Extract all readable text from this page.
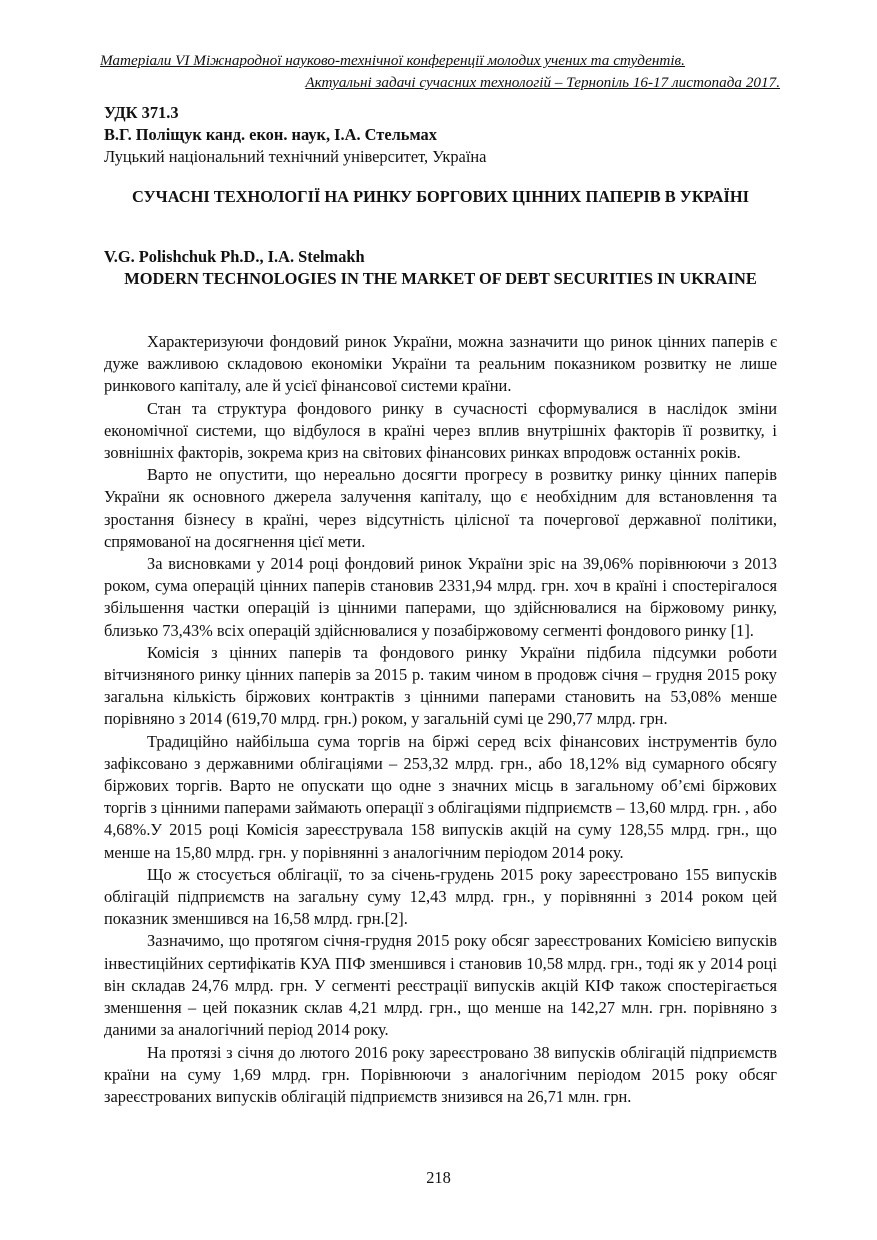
Матеріали VI Міжнародної науково-технічної конференції молодих учених та студентів.
Актуальні задачі сучасних технологій – Тернопіль 16-17 листопада 2017.
УДК 371.3
В.Г. Поліщук канд. екон. наук, І.А. Стельмах
Луцький національний технічний університет, Україна
СУЧАСНІ ТЕХНОЛОГІЇ НА РИНКУ БОРГОВИХ ЦІННИХ ПАПЕРІВ В УКРАЇНІ
V.G. Polishchuk Ph.D., I.A. Stelmakh
MODERN TECHNOLOGIES IN THE MARKET OF DEBT SECURITIES IN UKRAINE

Характеризуючи фондовий ринок України, можна зазначити що ринок цінних паперів є дуже важливою складовою економіки України та реальним показником розвитку не лише ринкового капіталу, але й усієї фінансової системи країни.

Стан та структура фондового ринку в сучасності сформувалися в наслідок зміни економічної системи, що відбулося в країні через вплив внутрішніх факторів її розвитку, і зовнішніх факторів, зокрема криз на світових фінансових ринках впродовж останніх років.

Варто не опустити, що нереально досягти прогресу в розвитку ринку цінних паперів України як основного джерела залучення капіталу, що є необхідним для встановлення та зростання бізнесу в країні, через відсутність цілісної та почергової державної політики, спрямованої на досягнення цієї мети.

За висновками у 2014 році фондовий ринок України зріс на 39,06% порівнюючи з 2013 роком, сума операцій цінних паперів становив 2331,94 млрд. грн. хоч в країні і спостерігалося збільшення частки операцій із цінними паперами, що здійснювалися на біржовому ринку, близько 73,43% всіх операцій здійснювалися у позабіржовому сегменті фондового ринку [1].

Комісія з цінних паперів та фондового ринку України підбила підсумки роботи вітчизняного ринку цінних паперів за 2015 р. таким чином в продовж січня – грудня 2015 року загальна кількість біржових контрактів з цінними паперами становить на 53,08% менше порівняно з 2014 (619,70 млрд. грн.) роком, у загальній сумі це 290,77 млрд. грн.

Традиційно найбільша сума торгів на біржі серед всіх фінансових інструментів було зафіксовано з державними облігаціями – 253,32 млрд. грн., або 18,12% від сумарного обсягу біржових торгів. Варто не опускати що одне з значних місць в загальному об’ємі біржових торгів з цінними паперами займають операції з облігаціями підприємств – 13,60 млрд. грн. , або 4,68%.У 2015 році Комісія зареєструвала 158 випусків акцій на суму 128,55 млрд. грн., що менше на 15,80 млрд. грн. у порівнянні з аналогічним періодом 2014 року.

Що ж стосується облігації, то за січень-грудень 2015 року зареєстровано 155 випусків облігацій підприємств на загальну суму 12,43 млрд. грн., у порівнянні з 2014 роком цей показник зменшився на 16,58 млрд. грн.[2].

Зазначимо, що протягом січня-грудня 2015 року обсяг зареєстрованих Комісією випусків інвестиційних сертифікатів КУА ПІФ зменшився і становив 10,58 млрд. грн., тоді як у 2014 році він складав 24,76 млрд. грн. У сегменті реєстрації випусків акцій КІФ також спостерігається зменшення – цей показник склав 4,21 млрд. грн., що менше на 142,27 млн. грн. порівняно з даними за аналогічний період 2014 року.

На протязі з січня до лютого 2016 року зареєстровано 38 випусків облігацій підприємств країни на суму 1,69 млрд. грн. Порівнюючи з аналогічним періодом 2015 року обсяг зареєстрованих випусків облігацій підприємств знизився на 26,71 млн. грн.

218
